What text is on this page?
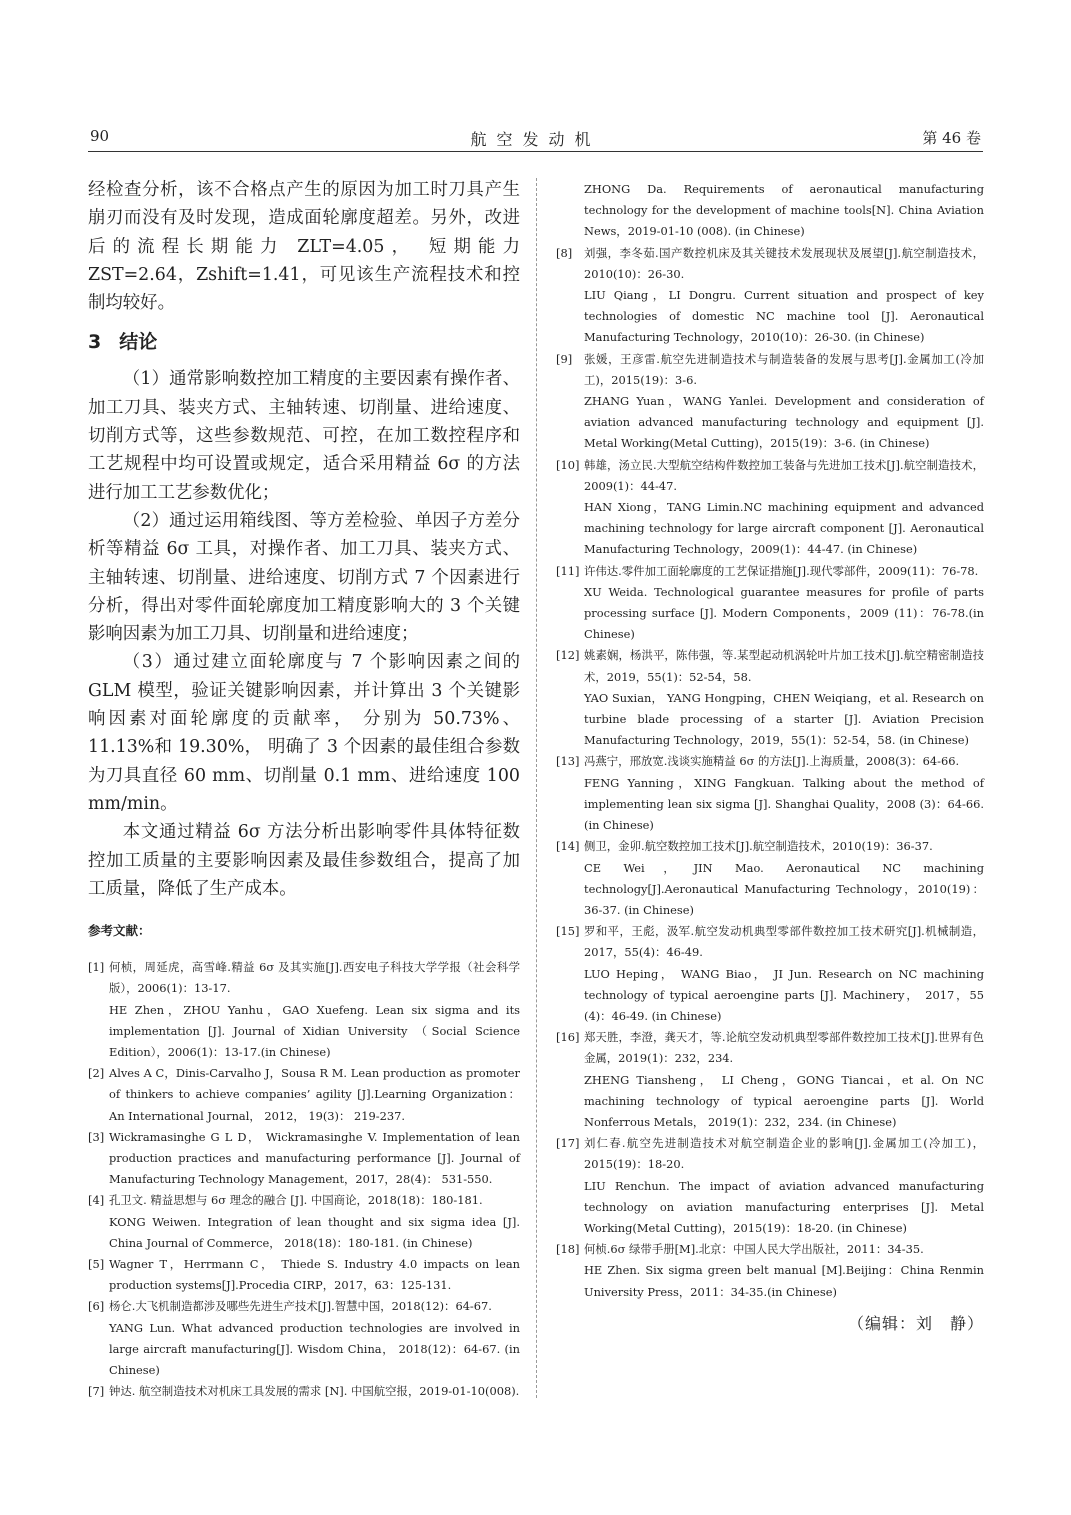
90	航空发动机	第 46 卷

经检查分析，该不合格点产生的原因为加工时刀具产生崩刃而没有及时发现，造成面轮廓度超差。另外，改进后的流程长期能力 ZLT=4.05， 短期能力 ZST=2.64，Zshift=1.41，可见该生产流程技术和控制均较好。

3 结论

（1）通常影响数控加工精度的主要因素有操作者、加工刀具、装夹方式、主轴转速、切削量、进给速度、切削方式等，这些参数规范、可控，在加工数控程序和工艺规程中均可设置或规定，适合采用精益 6σ 的方法进行加工工艺参数优化；

（2）通过运用箱线图、等方差检验、单因子方差分析等精益 6σ 工具，对操作者、加工刀具、装夹方式、主轴转速、切削量、进给速度、切削方式 7 个因素进行分析，得出对零件面轮廓度加工精度影响大的 3 个关键影响因素为加工刀具、切削量和进给速度；

（3）通过建立面轮廓度与 7 个影响因素之间的 GLM 模型，验证关键影响因素，并计算出 3 个关键影响因素对面轮廓度的贡献率， 分别为 50.73%、11.13%和 19.30%， 明确了 3 个因素的最佳组合参数为刀具直径 60 mm、切削量 0.1 mm、进给速度 100 mm/min。

本文通过精益 6σ 方法分析出影响零件具体特征数控加工质量的主要影响因素及最佳参数组合，提高了加工质量，降低了生产成本。

参考文献：
[1] 何桢，周延虎，高雪峰.精益 6σ 及其实施[J].西安电子科技大学学报（社会科学版），2006(1)：13-17.

HE Zhen，ZHOU Yanhu，GAO Xuefeng. Lean six sigma and its implementation [J]. Journal of Xidian University （Social Science Edition），2006(1)：13-17.(in Chinese)

[2] Alves A C，Dinis-Carvalho J，Sousa R M. Lean production as promoter of thinkers to achieve companies’ agility [J].Learning Organization：An International Journal， 2012， 19(3)： 219-237.

[3] Wickramasinghe G L D， Wickramasinghe V. Implementation of lean production practices and manufacturing performance [J]. Journal of Manufacturing Technology Management，2017，28(4)： 531-550.

[4] 孔卫文. 精益思想与 6σ 理念的融合 [J]. 中国商论，2018(18)：180-181.

KONG Weiwen. Integration of lean thought and six sigma idea [J]. China Journal of Commerce， 2018(18)：180-181. (in Chinese)

[5] Wagner T，Herrmann C， Thiede S. Industry 4.0 impacts on lean production systems[J].Procedia CIRP，2017，63：125-131.

[6] 杨仑.大飞机制造都涉及哪些先进生产技术[J].智慧中国，2018(12)：64-67.

YANG Lun. What advanced production technologies are involved in large aircraft manufacturing[J]. Wisdom China， 2018(12)：64-67. (in Chinese)

[7] 钟达. 航空制造技术对机床工具发展的需求 [N]. 中国航空报，2019-01-10(008).

ZHONG Da. Requirements of aeronautical manufacturing technology for the development of machine tools[N]. China Aviation News，2019-01-10 (008). (in Chinese)

[8] 刘强，李冬茹.国产数控机床及其关键技术发展现状及展望[J].航空制造技术，2010(10)：26-30.

LIU Qiang，LI Dongru. Current situation and prospect of key technologies of domestic NC machine tool [J]. Aeronautical Manufacturing Technology，2010(10)：26-30. (in Chinese)

[9] 张媛，王彦雷.航空先进制造技术与制造装备的发展与思考[J].金属加工(冷加工)，2015(19)：3-6.

ZHANG Yuan，WANG Yanlei. Development and consideration of aviation advanced manufacturing technology and equipment [J]. Metal Working(Metal Cutting)，2015(19)：3-6. (in Chinese)

[10] 韩雄，汤立民.大型航空结构件数控加工装备与先进加工技术[J].航空制造技术，2009(1)：44-47.

HAN Xiong，TANG Limin.NC machining equipment and advanced machining technology for large aircraft component [J]. Aeronautical Manufacturing Technology，2009(1)：44-47. (in Chinese)

[11] 许伟达.零件加工面轮廓度的工艺保证措施[J].现代零部件，2009(11)：76-78.

XU Weida. Technological guarantee measures for profile of parts processing surface [J]. Modern Components，2009 (11)：76-78.(in Chinese)

[12] 姚素娴，杨洪平，陈伟强，等.某型起动机涡轮叶片加工技术[J].航空精密制造技术，2019，55(1)：52-54，58.

YAO Suxian， YANG Hongping，CHEN Weiqiang，et al. Research on turbine blade processing of a starter [J]. Aviation Precision Manufacturing Technology，2019，55(1)：52-54，58. (in Chinese)

[13] 冯燕宁，邢放宽.浅谈实施精益 6σ 的方法[J].上海质量，2008(3)：64-66.

FENG Yanning，XING Fangkuan. Talking about the method of implementing lean six sigma [J]. Shanghai Quality，2008 (3)：64-66. (in Chinese)

[14] 侧卫，金卯.航空数控加工技术[J].航空制造技术，2010(19)：36-37.

CE Wei，JIN Mao. Aeronautical NC machining technology[J].Aeronautical Manufacturing Technology，2010(19)：36-37. (in Chinese)

[15] 罗和平，王彪，汲军.航空发动机典型零部件数控加工技术研究[J].机械制造，2017，55(4)：46-49.

LUO Heping， WANG Biao， JI Jun. Research on NC machining technology of typical aeroengine parts [J]. Machinery， 2017，55 (4)：46-49. (in Chinese)

[16] 郑天胜，李澄，龚天才，等.论航空发动机典型零部件数控加工技术[J].世界有色金属，2019(1)：232，234.

ZHENG Tiansheng， LI Cheng，GONG Tiancai，et al. On NC machining technology of typical aeroengine parts [J]. World Nonferrous Metals， 2019(1)：232，234. (in Chinese)

[17] 刘仁春.航空先进制造技术对航空制造企业的影响[J].金属加工(冷加工)，2015(19)：18-20.

LIU Renchun. The impact of aviation advanced manufacturing technology on aviation manufacturing enterprises [J]. Metal Working(Metal Cutting)，2015(19)：18-20. (in Chinese)

[18] 何桢.6σ 绿带手册[M].北京：中国人民大学出版社，2011：34-35.

HE Zhen. Six sigma green belt manual [M].Beijing：China Renmin University Press，2011：34-35.(in Chinese)

（编辑：刘　静）
